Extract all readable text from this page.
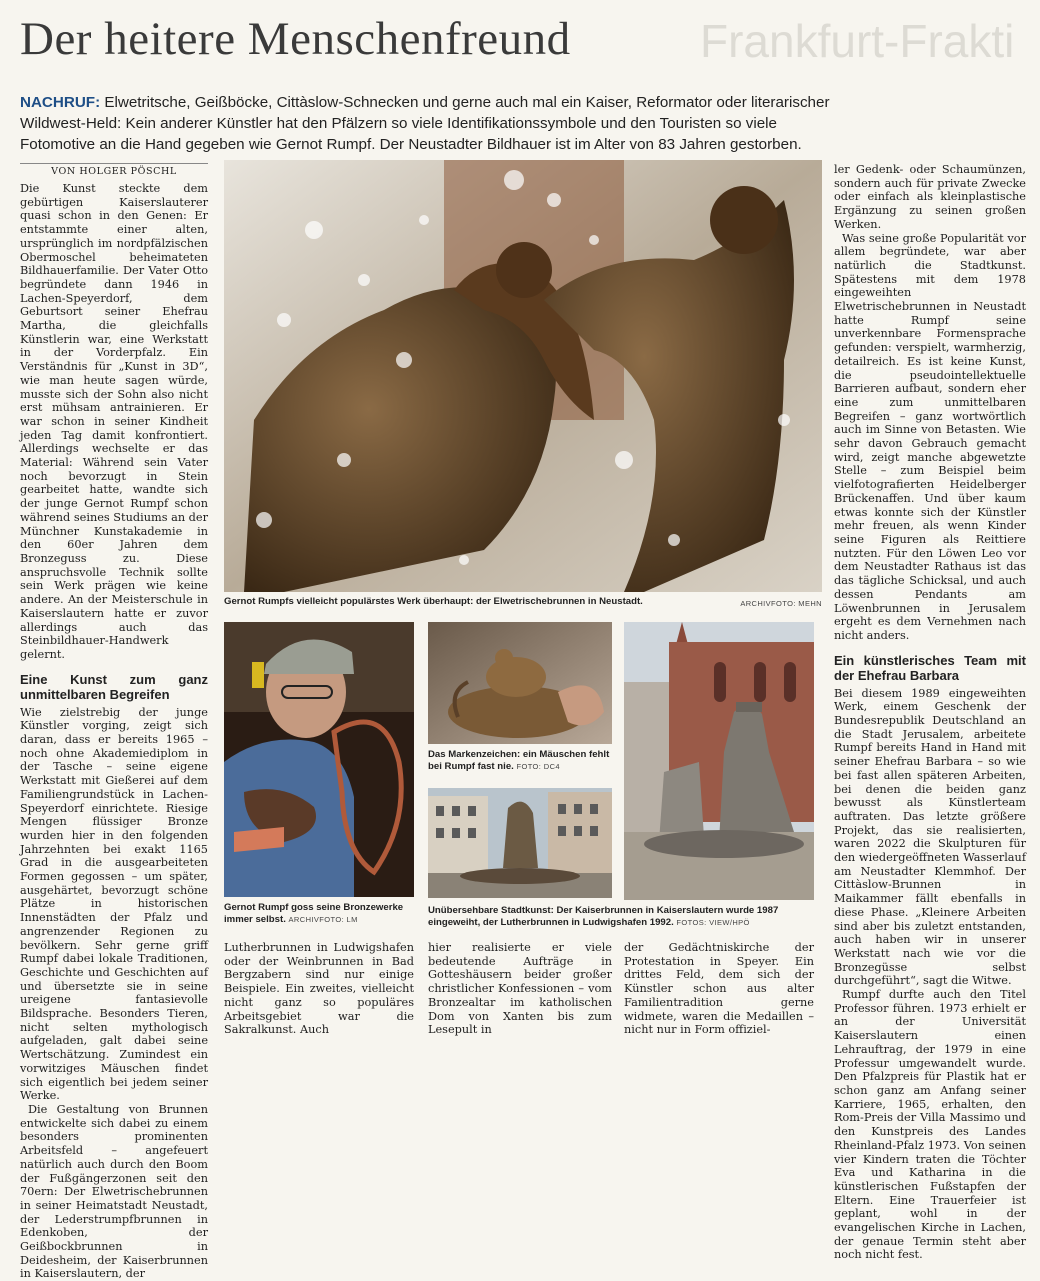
Der heitere Menschenfreund	Frankfurt-Frakti
NACHRUF: Elwetritsche, Geißböcke, Cittàslow-Schnecken und gerne auch mal ein Kaiser, Reformator oder literarischer Wildwest-Held: Kein anderer Künstler hat den Pfälzern so viele Identifikationssymbole und den Touristen so viele Fotomotive an die Hand gegeben wie Gernot Rumpf. Der Neustadter Bildhauer ist im Alter von 83 Jahren gestorben.
VON HOLGER PÖSCHL

Die Kunst steckte dem gebürtigen Kaiserslauterer quasi schon in den Genen: Er entstammte einer alten, ursprünglich im nordpfälzischen Obermoschel beheimateten Bildhauerfamilie. Der Vater Otto begründete dann 1946 in Lachen-Speyerdorf, dem Geburtsort seiner Ehefrau Martha, die gleichfalls Künstlerin war, eine Werkstatt in der Vorderpfalz. Ein Verständnis für „Kunst in 3D“, wie man heute sagen würde, musste sich der Sohn also nicht erst mühsam antrainieren. Er war schon in seiner Kindheit jeden Tag damit konfrontiert. Allerdings wechselte er das Material: Während sein Vater noch bevorzugt in Stein gearbeitet hatte, wandte sich der junge Gernot Rumpf schon während seines Studiums an der Münchner Kunstakademie in den 60er Jahren dem Bronzeguss zu. Diese anspruchsvolle Technik sollte sein Werk prägen wie keine andere. An der Meisterschule in Kaiserslautern hatte er zuvor allerdings auch das Steinbildhauer-Handwerk gelernt.

Eine Kunst zum ganz unmittelbaren Begreifen

Wie zielstrebig der junge Künstler vorging, zeigt sich daran, dass er bereits 1965 – noch ohne Akademiediplom in der Tasche – seine eigene Werkstatt mit Gießerei auf dem Familiengrundstück in Lachen-Speyerdorf einrichtete. Riesige Mengen flüssiger Bronze wurden hier in den folgenden Jahrzehnten bei exakt 1165 Grad in die ausgearbeiteten Formen gegossen – um später, ausgehärtet, bevorzugt schöne Plätze in historischen Innenstädten der Pfalz und angrenzender Regionen zu bevölkern. Sehr gerne griff Rumpf dabei lokale Traditionen, Geschichte und Geschichten auf und übersetzte sie in seine ureigene fantasievolle Bildsprache. Besonders Tieren, nicht selten mythologisch aufgeladen, galt dabei seine Wertschätzung. Zumindest ein vorwitziges Mäuschen findet sich eigentlich bei jedem seiner Werke.

Die Gestaltung von Brunnen entwickelte sich dabei zu einem besonders prominenten Arbeitsfeld – angefeuert natürlich auch durch den Boom der Fußgängerzonen seit den 70ern: Der Elwetrischebrunnen in seiner Heimatstadt Neustadt, der Lederstrumpfbrunnen in Edenkoben, der Geißbockbrunnen in Deidesheim, der Kaiserbrunnen in Kaiserslautern, der

Gernot Rumpfs vielleicht populärstes Werk überhaupt: der Elwetrischebrunnen in Neustadt.	ARCHIVFOTO: MEHN
Gernot Rumpf goss seine Bronzewerke immer selbst. ARCHIVFOTO: LM
Das Markenzeichen: ein Mäuschen fehlt bei Rumpf fast nie. FOTO: DC4
Unübersehbare Stadtkunst: Der Kaiserbrunnen in Kaiserslautern wurde 1987 eingeweiht, der Lutherbrunnen in Ludwigshafen 1992. FOTOS: VIEW/HPÖ

Lutherbrunnen in Ludwigshafen oder der Weinbrunnen in Bad Bergzabern sind nur einige Beispiele. Ein zweites, vielleicht nicht ganz so populäres Arbeitsgebiet war die Sakralkunst. Auch

hier realisierte er viele bedeutende Aufträge in Gotteshäusern beider großer christlicher Konfessionen – vom Bronzealtar im katholischen Dom von Xanten bis zum Lesepult in

der Gedächtniskirche der Protestation in Speyer. Ein drittes Feld, dem sich der Künstler schon aus alter Familientradition gerne widmete, waren die Medaillen – nicht nur in Form offiziel-

ler Gedenk- oder Schaumünzen, sondern auch für private Zwecke oder einfach als kleinplastische Ergänzung zu seinen großen Werken.

Was seine große Popularität vor allem begründete, war aber natürlich die Stadtkunst. Spätestens mit dem 1978 eingeweihten Elwetrischebrunnen in Neustadt hatte Rumpf seine unverkennbare Formensprache gefunden: verspielt, warmherzig, detailreich. Es ist keine Kunst, die pseudointellektuelle Barrieren aufbaut, sondern eher eine zum unmittelbaren Begreifen – ganz wortwörtlich auch im Sinne von Betasten. Wie sehr davon Gebrauch gemacht wird, zeigt manche abgewetzte Stelle – zum Beispiel beim vielfotografierten Heidelberger Brückenaffen. Und über kaum etwas konnte sich der Künstler mehr freuen, als wenn Kinder seine Figuren als Reittiere nutzten. Für den Löwen Leo vor dem Neustadter Rathaus ist das das tägliche Schicksal, und auch dessen Pendants am Löwenbrunnen in Jerusalem ergeht es dem Vernehmen nach nicht anders.

Ein künstlerisches Team mit der Ehefrau Barbara

Bei diesem 1989 eingeweihten Werk, einem Geschenk der Bundesrepublik Deutschland an die Stadt Jerusalem, arbeitete Rumpf bereits Hand in Hand mit seiner Ehefrau Barbara – so wie bei fast allen späteren Arbeiten, bei denen die beiden ganz bewusst als Künstlerteam auftraten. Das letzte größere Projekt, das sie realisierten, waren 2022 die Skulpturen für den wiedergeöffneten Wasserlauf am Neustadter Klemmhof. Der Cittàslow-Brunnen in Maikammer fällt ebenfalls in diese Phase. „Kleinere Arbeiten sind aber bis zuletzt entstanden, auch haben wir in unserer Werkstatt nach wie vor die Bronzegüsse selbst durchgeführt“, sagt die Witwe.

Rumpf durfte auch den Titel Professor führen. 1973 erhielt er an der Universität Kaiserslautern einen Lehrauftrag, der 1979 in eine Professur umgewandelt wurde. Den Pfalzpreis für Plastik hat er schon ganz am Anfang seiner Karriere, 1965, erhalten, den Rom-Preis der Villa Massimo und den Kunstpreis des Landes Rheinland-Pfalz 1973. Von seinen vier Kindern traten die Töchter Eva und Katharina in die künstlerischen Fußstapfen der Eltern. Eine Trauerfeier ist geplant, wohl in der evangelischen Kirche in Lachen, der genaue Termin steht aber noch nicht fest.
